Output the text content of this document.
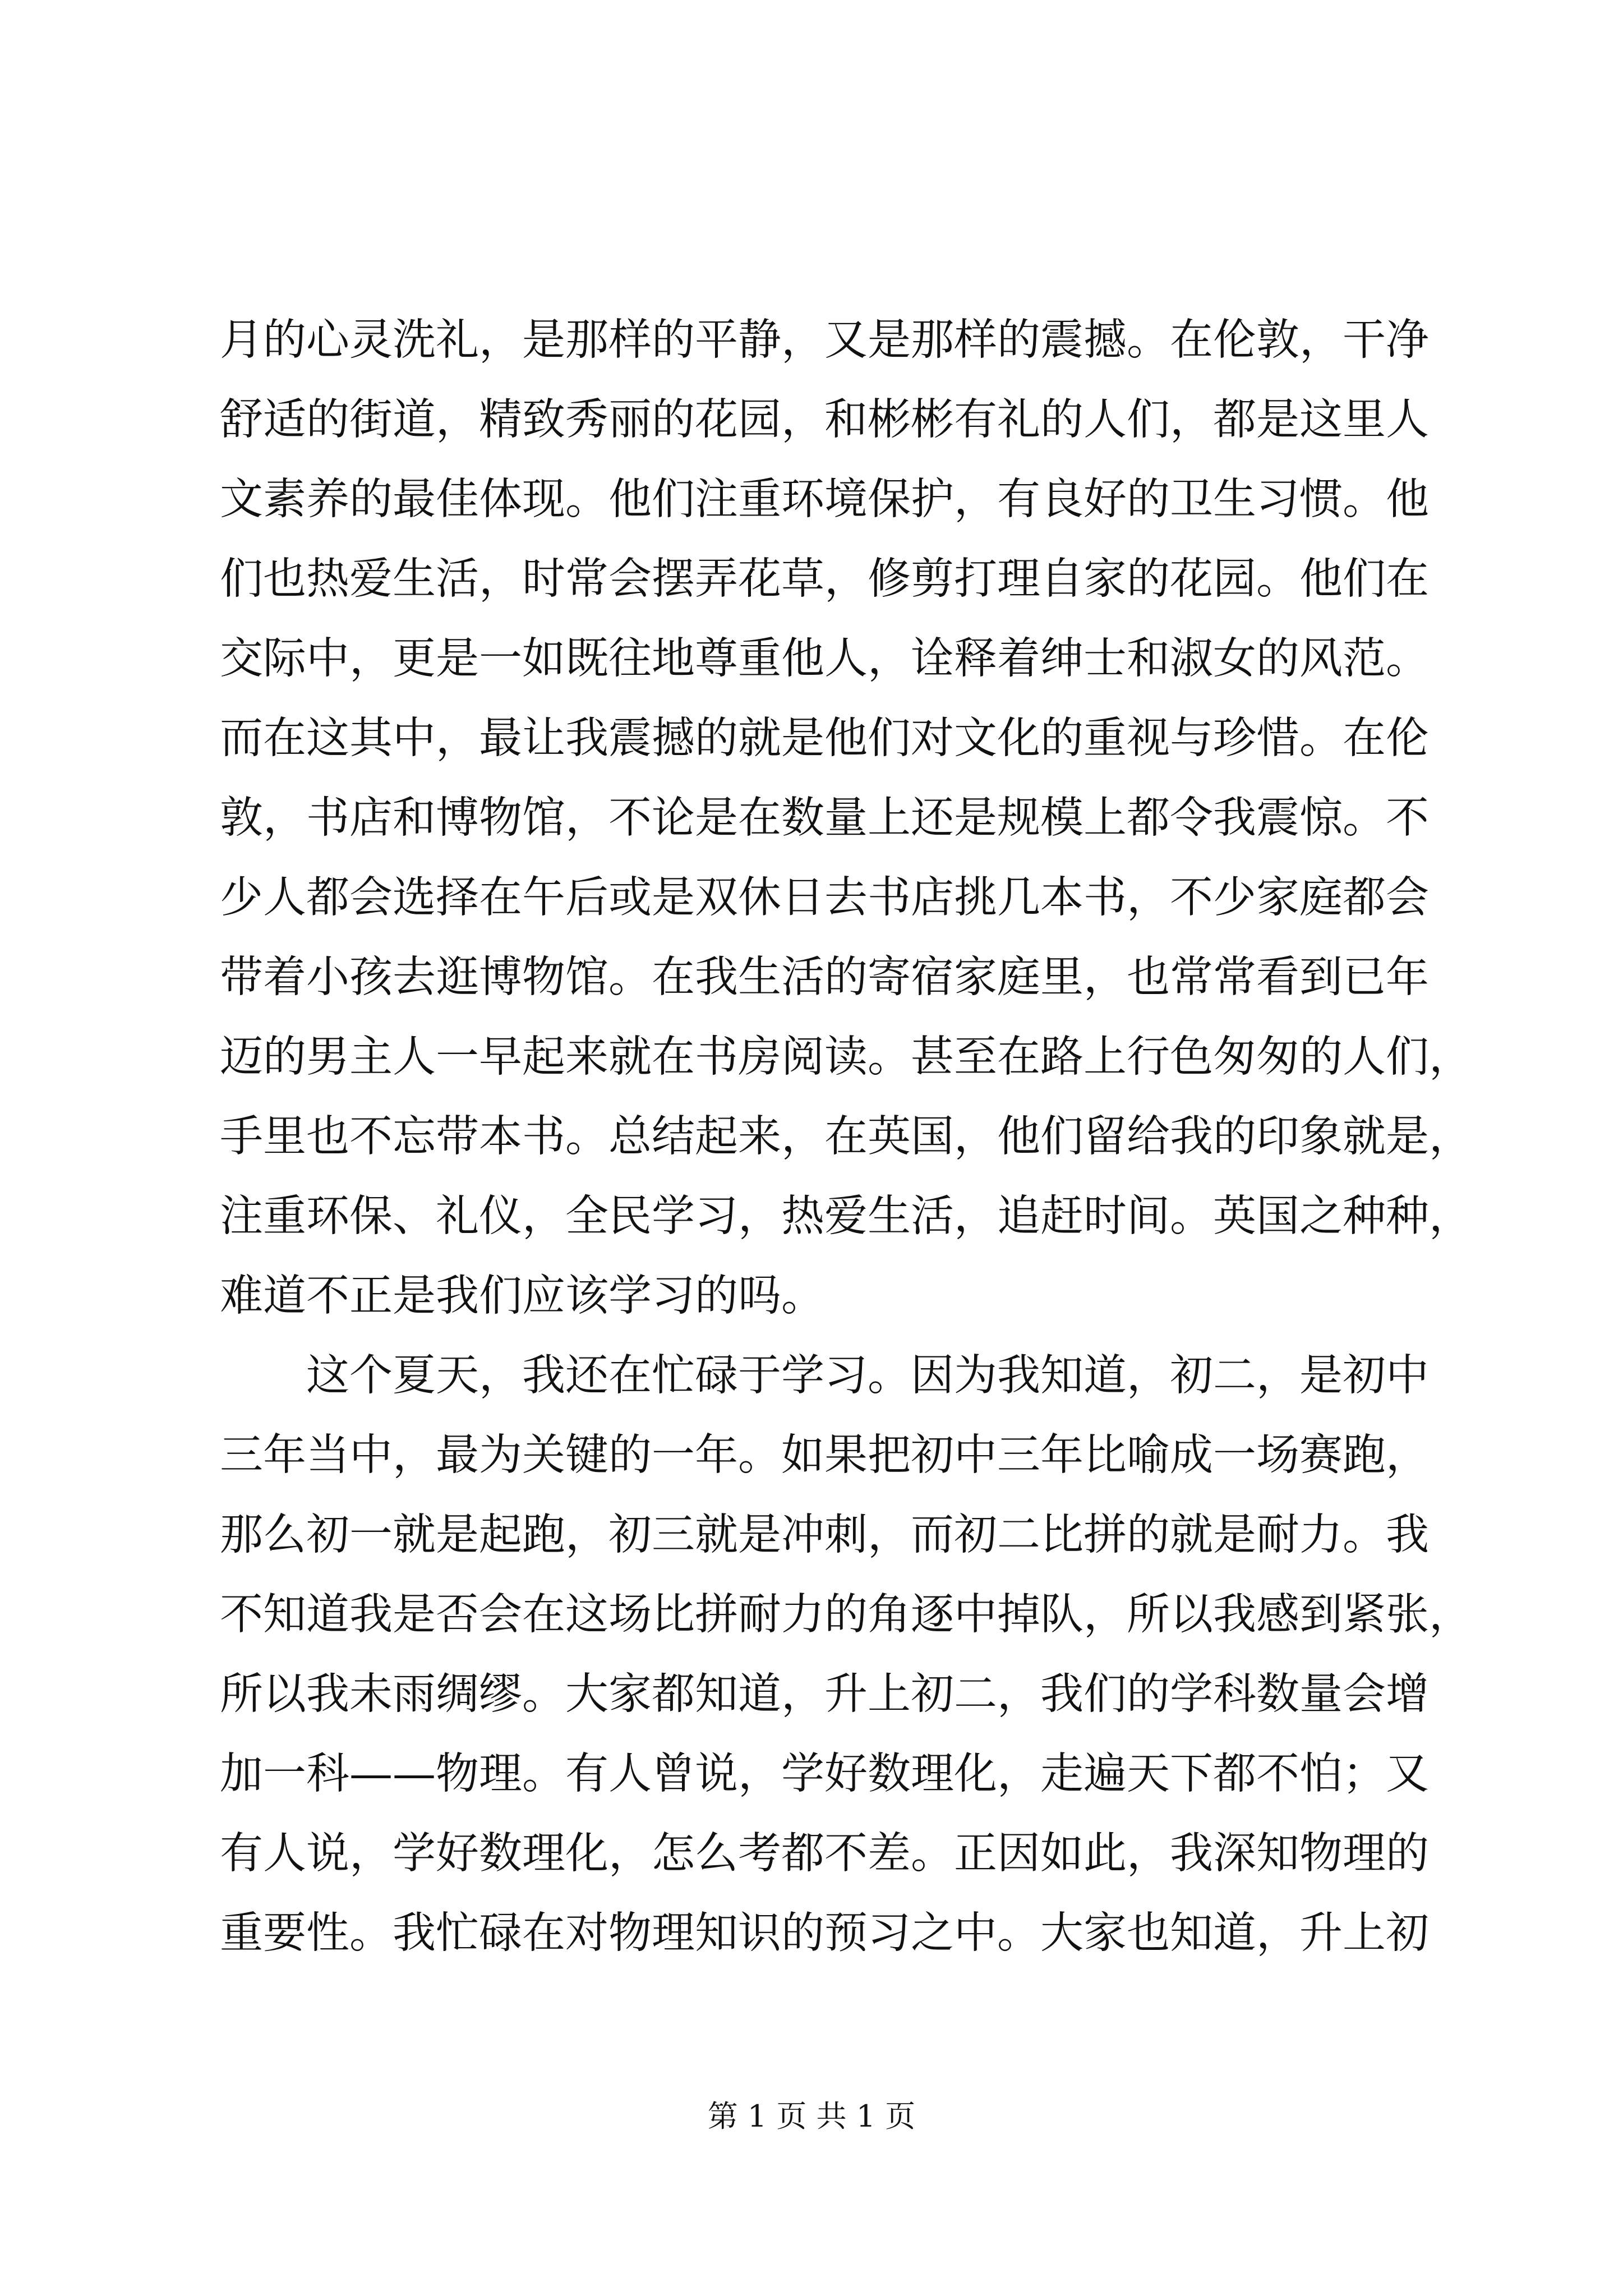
月的心灵洗礼，是那样的平静，又是那样的震撼。在伦敦，干净
舒适的街道，精致秀丽的花园，和彬彬有礼的人们，都是这里人
文素养的最佳体现。他们注重环境保护，有良好的卫生习惯。他
们也热爱生活，时常会摆弄花草，修剪打理自家的花园。他们在
交际中，更是一如既往地尊重他人，诠释着绅士和淑女的风范。
而在这其中，最让我震撼的就是他们对文化的重视与珍惜。在伦
敦，书店和博物馆，不论是在数量上还是规模上都令我震惊。不
少人都会选择在午后或是双休日去书店挑几本书，不少家庭都会
带着小孩去逛博物馆。在我生活的寄宿家庭里，也常常看到已年
迈的男主人一早起来就在书房阅读。甚至在路上行色匆匆的人们，
手里也不忘带本书。总结起来，在英国，他们留给我的印象就是，
注重环保、礼仪，全民学习，热爱生活，追赶时间。英国之种种，
难道不正是我们应该学习的吗。
这个夏天，我还在忙碌于学习。因为我知道，初二，是初中
三年当中，最为关键的一年。如果把初中三年比喻成一场赛跑，
那么初一就是起跑，初三就是冲刺，而初二比拼的就是耐力。我
不知道我是否会在这场比拼耐力的角逐中掉队，所以我感到紧张，
所以我未雨绸缪。大家都知道，升上初二，我们的学科数量会增
加一科——物理。有人曾说，学好数理化，走遍天下都不怕；又
有人说，学好数理化，怎么考都不差。正因如此，我深知物理的
重要性。我忙碌在对物理知识的预习之中。大家也知道，升上初
第 1 页 共 1 页
